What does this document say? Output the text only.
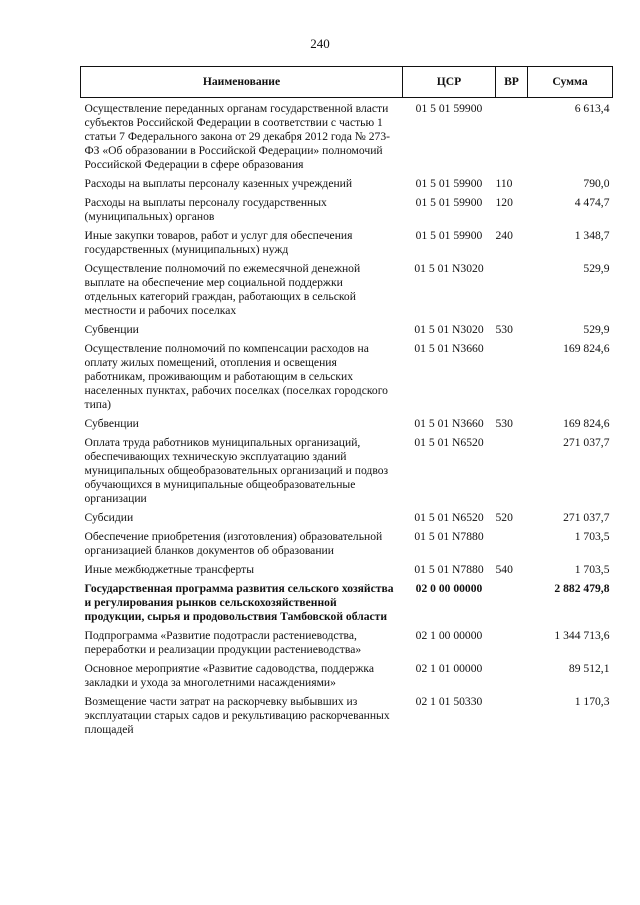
240
Наименование	ЦСР	ВР	Сумма
Осуществление переданных органам государственной власти субъектов Российской Федерации в соответствии с частью 1 статьи 7 Федерального закона от 29 декабря 2012 года № 273-ФЗ «Об образовании в Российской Федерации» полномочий Российской Федерации в сфере образования	01 5 01 59900		6 613,4
Расходы на выплаты персоналу казенных учреждений	01 5 01 59900	110	790,0
Расходы на выплаты персоналу государственных (муниципальных) органов	01 5 01 59900	120	4 474,7
Иные закупки товаров, работ и услуг для обеспечения государственных (муниципальных) нужд	01 5 01 59900	240	1 348,7
Осуществление полномочий по ежемесячной денежной выплате на обеспечение мер социальной поддержки отдельных категорий граждан, работающих в сельской местности и рабочих поселках	01 5 01 N3020		529,9
Субвенции	01 5 01 N3020	530	529,9
Осуществление полномочий по компенсации расходов на оплату жилых помещений, отопления и освещения работникам, проживающим и работающим в сельских населенных пунктах, рабочих поселках (поселках городского типа)	01 5 01 N3660		169 824,6
Субвенции	01 5 01 N3660	530	169 824,6
Оплата труда работников муниципальных организаций, обеспечивающих техническую эксплуатацию зданий муниципальных общеобразовательных организаций и подвоз обучающихся в муниципальные общеобразовательные организации	01 5 01 N6520		271 037,7
Субсидии	01 5 01 N6520	520	271 037,7
Обеспечение приобретения (изготовления) образовательной организацией бланков документов об образовании	01 5 01 N7880		1 703,5
Иные межбюджетные трансферты	01 5 01 N7880	540	1 703,5
Государственная программа развития сельского хозяйства и регулирования рынков сельскохозяйственной продукции, сырья и продовольствия Тамбовской области	02 0 00 00000		2 882 479,8
Подпрограмма «Развитие подотрасли растениеводства, переработки и реализации продукции растениеводства»	02 1 00 00000		1 344 713,6
Основное мероприятие «Развитие садоводства, поддержка закладки и ухода за многолетними насаждениями»	02 1 01 00000		89 512,1
Возмещение части затрат на раскорчевку выбывших из эксплуатации старых садов и рекультивацию раскорчеванных площадей	02 1 01 50330		1 170,3
